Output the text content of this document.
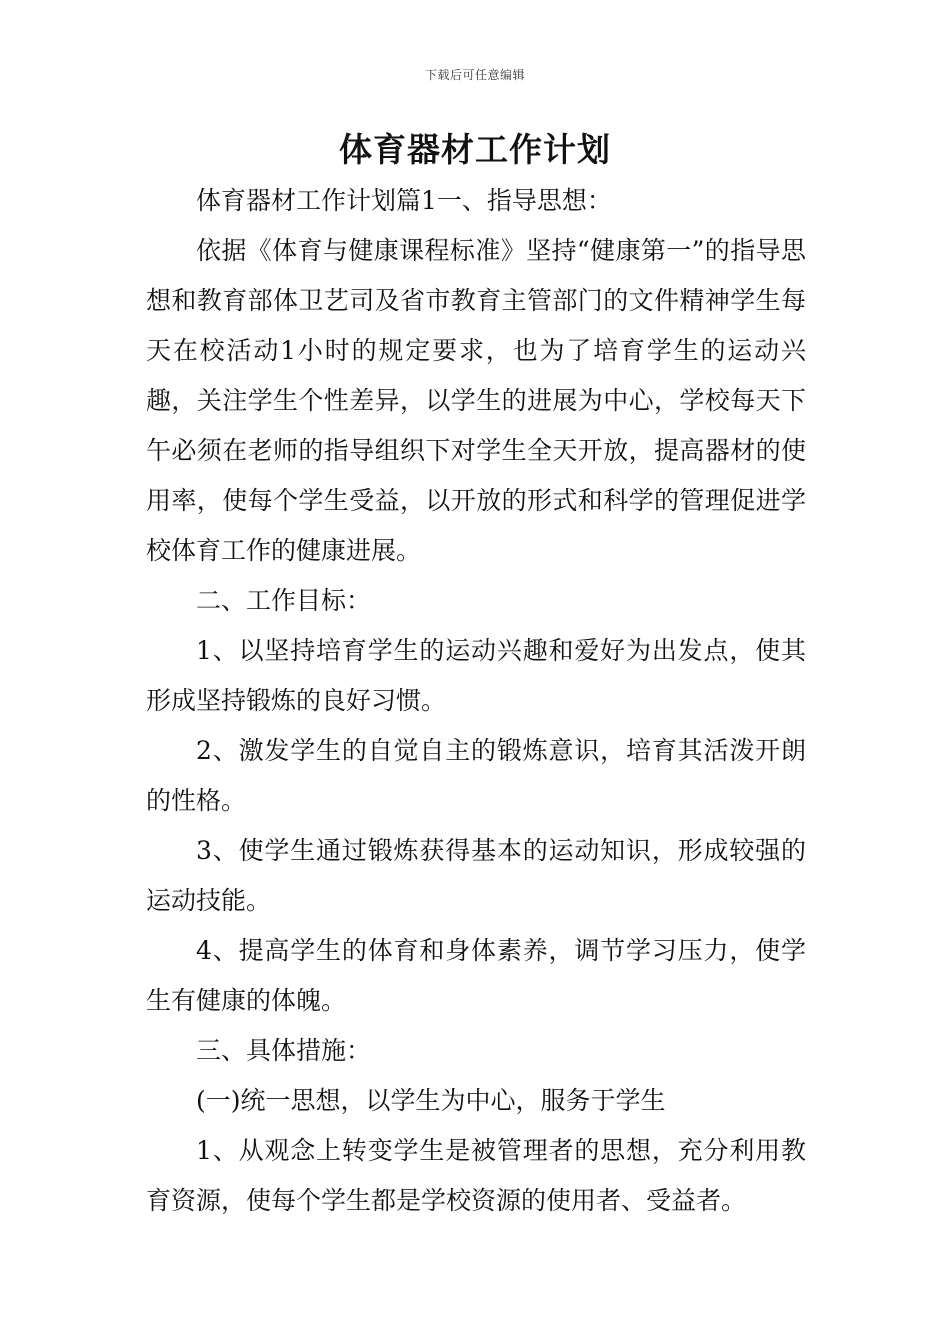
下载后可任意编辑
体育器材工作计划

体育器材工作计划篇1一、指导思想：

依据《体育与健康课程标准》坚持“健康第一”的指导思想和教育部体卫艺司及省市教育主管部门的文件精神学生每天在校活动1小时的规定要求，也为了培育学生的运动兴趣，关注学生个性差异，以学生的进展为中心，学校每天下午必须在老师的指导组织下对学生全天开放，提高器材的使用率，使每个学生受益，以开放的形式和科学的管理促进学校体育工作的健康进展。

二、工作目标：

1、以坚持培育学生的运动兴趣和爱好为出发点，使其形成坚持锻炼的良好习惯。

2、激发学生的自觉自主的锻炼意识，培育其活泼开朗的性格。

3、使学生通过锻炼获得基本的运动知识，形成较强的运动技能。

4、提高学生的体育和身体素养，调节学习压力，使学生有健康的体魄。

三、具体措施：

(一)统一思想，以学生为中心，服务于学生

1、从观念上转变学生是被管理者的思想，充分利用教育资源，使每个学生都是学校资源的使用者、受益者。
